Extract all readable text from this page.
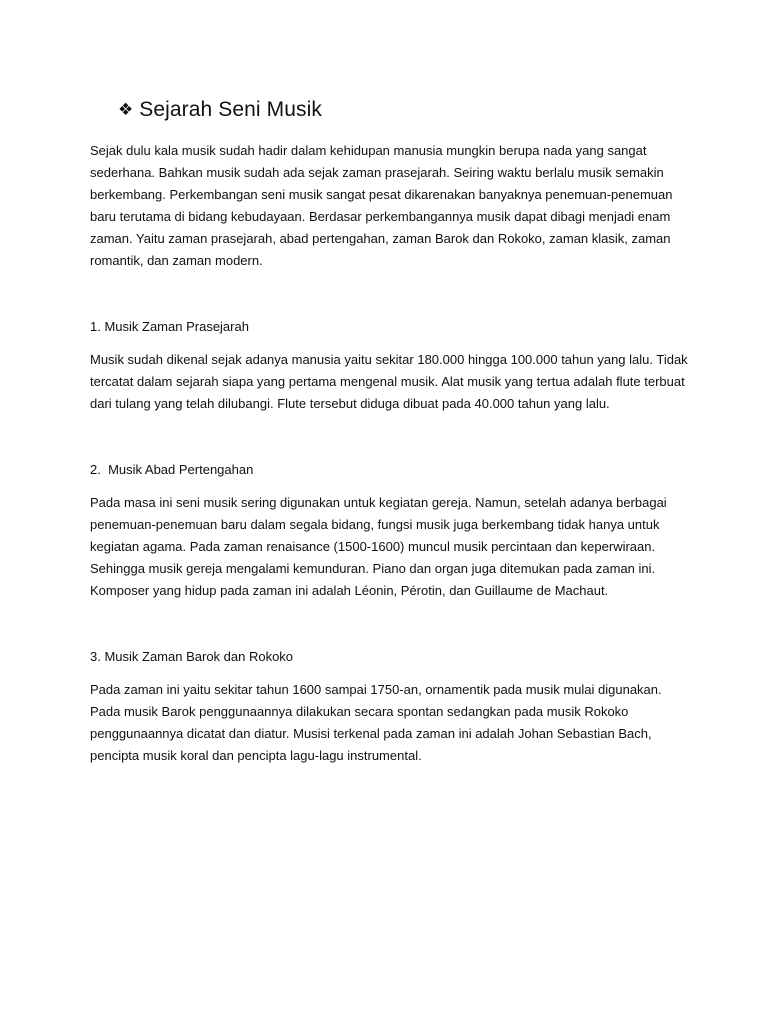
❖ Sejarah Seni Musik

Sejak dulu kala musik sudah hadir dalam kehidupan manusia mungkin berupa nada yang sangat sederhana. Bahkan musik sudah ada sejak zaman prasejarah. Seiring waktu berlalu musik semakin berkembang. Perkembangan seni musik sangat pesat dikarenakan banyaknya penemuan-penemuan baru terutama di bidang kebudayaan. Berdasar perkembangannya musik dapat dibagi menjadi enam zaman. Yaitu zaman prasejarah, abad pertengahan, zaman Barok dan Rokoko, zaman klasik, zaman romantik, dan zaman modern.

1. Musik Zaman Prasejarah

Musik sudah dikenal sejak adanya manusia yaitu sekitar 180.000 hingga 100.000 tahun yang lalu. Tidak tercatat dalam sejarah siapa yang pertama mengenal musik. Alat musik yang tertua adalah flute terbuat dari tulang yang telah dilubangi. Flute tersebut diduga dibuat pada 40.000 tahun yang lalu.

2.  Musik Abad Pertengahan

Pada masa ini seni musik sering digunakan untuk kegiatan gereja. Namun, setelah adanya berbagai penemuan-penemuan baru dalam segala bidang, fungsi musik juga berkembang tidak hanya untuk kegiatan agama. Pada zaman renaisance (1500-1600) muncul musik percintaan dan keperwiraan. Sehingga musik gereja mengalami kemunduran. Piano dan organ juga ditemukan pada zaman ini. Komposer yang hidup pada zaman ini adalah Léonin, Pérotin, dan Guillaume de Machaut.

3. Musik Zaman Barok dan Rokoko

Pada zaman ini yaitu sekitar tahun 1600 sampai 1750-an, ornamentik pada musik mulai digunakan. Pada musik Barok penggunaannya dilakukan secara spontan sedangkan pada musik Rokoko penggunaannya dicatat dan diatur. Musisi terkenal pada zaman ini adalah Johan Sebastian Bach, pencipta musik koral dan pencipta lagu-lagu instrumental.
